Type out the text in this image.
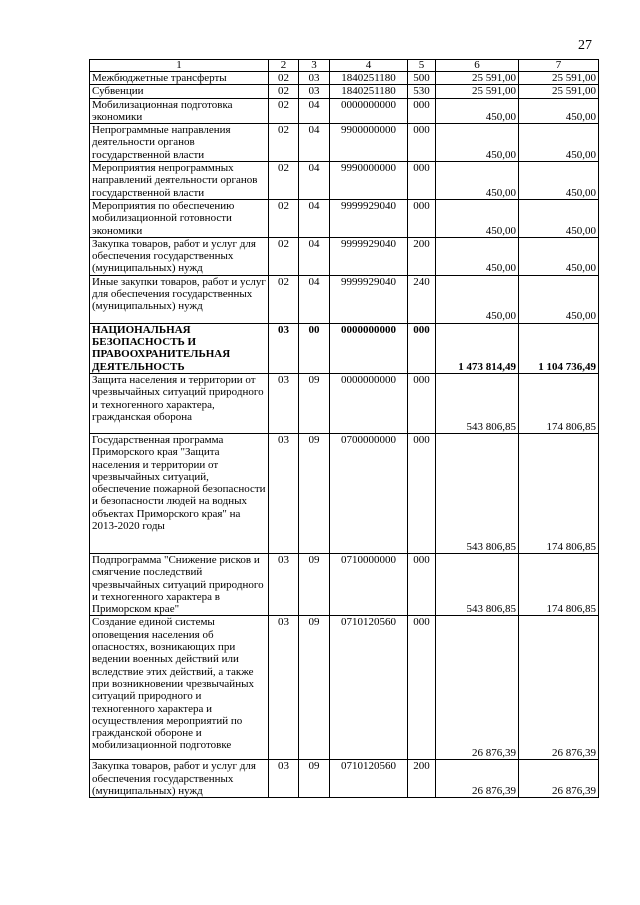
27
1	2	3	4	5	6	7
Межбюджетные трансферты	02	03	1840251180	500	25 591,00	25 591,00
Субвенции	02	03	1840251180	530	25 591,00	25 591,00
Мобилизационная подготовка экономики	02	04	0000000000	000	450,00	450,00
Непрограммные направления деятельности органов государственной власти	02	04	9900000000	000	450,00	450,00
Мероприятия непрограммных направлений деятельности органов государственной власти	02	04	9990000000	000	450,00	450,00
Мероприятия по обеспечению мобилизационной готовности экономики	02	04	9999929040	000	450,00	450,00
Закупка товаров, работ и услуг для обеспечения государственных (муниципальных) нужд	02	04	9999929040	200	450,00	450,00
Иные закупки товаров, работ и услуг для обеспечения государственных (муниципальных) нужд	02	04	9999929040	240	450,00	450,00
НАЦИОНАЛЬНАЯ БЕЗОПАСНОСТЬ И ПРАВООХРАНИТЕЛЬНАЯ ДЕЯТЕЛЬНОСТЬ	03	00	0000000000	000	1 473 814,49	1 104 736,49
Защита населения и территории от чрезвычайных ситуаций природного и техногенного характера, гражданская оборона	03	09	0000000000	000	543 806,85	174 806,85
Государственная программа Приморского края "Защита населения и территории от чрезвычайных ситуаций, обеспечение пожарной безопасности и безопасности людей на водных объектах Приморского края" на 2013-2020 годы	03	09	0700000000	000	543 806,85	174 806,85
Подпрограмма "Снижение рисков и смягчение последствий чрезвычайных ситуаций природного и техногенного характера в Приморском крае"	03	09	0710000000	000	543 806,85	174 806,85
Создание единой системы оповещения населения об опасностях, возникающих при ведении военных действий или вследствие этих действий, а также при возникновении чрезвычайных ситуаций природного и техногенного характера и осуществления мероприятий по гражданской обороне и мобилизационной подготовке	03	09	0710120560	000	26 876,39	26 876,39
Закупка товаров, работ и услуг для обеспечения государственных (муниципальных) нужд	03	09	0710120560	200	26 876,39	26 876,39
